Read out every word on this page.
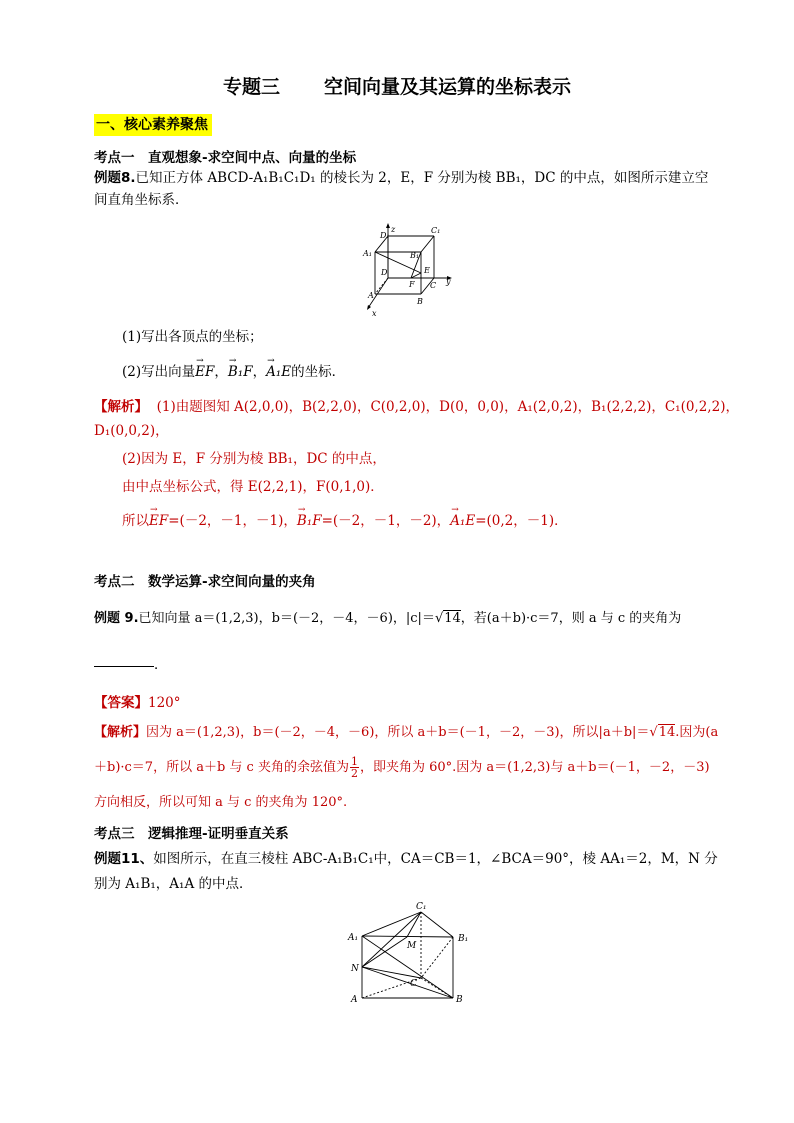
专题三 空间向量及其运算的坐标表示
一、核心素养聚焦
考点一　直观想象-求空间中点、向量的坐标
例题8.已知正方体 ABCD-A₁B₁C₁D₁ 的棱长为 2，E，F 分别为棱 BB₁，DC 的中点，如图所示建立空
间直角坐标系．
D₁
C₁
A₁	B₁
z
y
x
A
B
C
D	E
F
(1)写出各顶点的坐标；
(2)写出向量→ EF，→ B₁F，→ A₁E的坐标．
【解析】 (1)由题图知 A(2,0,0)，B(2,2,0)，C(0,2,0)，D(0，0,0)，A₁(2,0,2)，B₁(2,2,2)，C₁(0,2,2)，
D₁(0,0,2)，
(2)因为 E，F 分别为棱 BB₁，DC 的中点，
由中点坐标公式，得 E(2,2,1)，F(0,1,0)．
所以→ EF=(－2，－1，－1)，→ B₁F=(－2，－1，－2)，→ A₁E=(0,2，－1)．
考点二　数学运算-求空间向量的夹角
例题 9.已知向量 a＝(1,2,3)，b＝(－2，－4，－6)，|c|＝√14，若(a＋b)·c＝7，则 a 与 c 的夹角为
．
【答案】120°
【解析】因为 a＝(1,2,3)，b＝(－2，－4，－6)，所以 a＋b＝(－1，－2，－3)，所以|a＋b|＝√14.因为(a
＋b)·c＝7，所以 a＋b 与 c 夹角的余弦值为 $\frac{1}{2}$ ，即夹角为 60°.因为 a＝(1,2,3)与 a＋b＝(－1，－2，－3)
方向相反，所以可知 a 与 c 的夹角为 120°.
考点三　逻辑推理-证明垂直关系
例题11、如图所示，在直三棱柱 ABC-A₁B₁C₁中，CA＝CB＝1，∠BCA＝90°，棱 AA₁＝2，M，N 分
别为 A₁B₁，A₁A 的中点．
C₁
A₁	B₁
M
N
C
A	B
